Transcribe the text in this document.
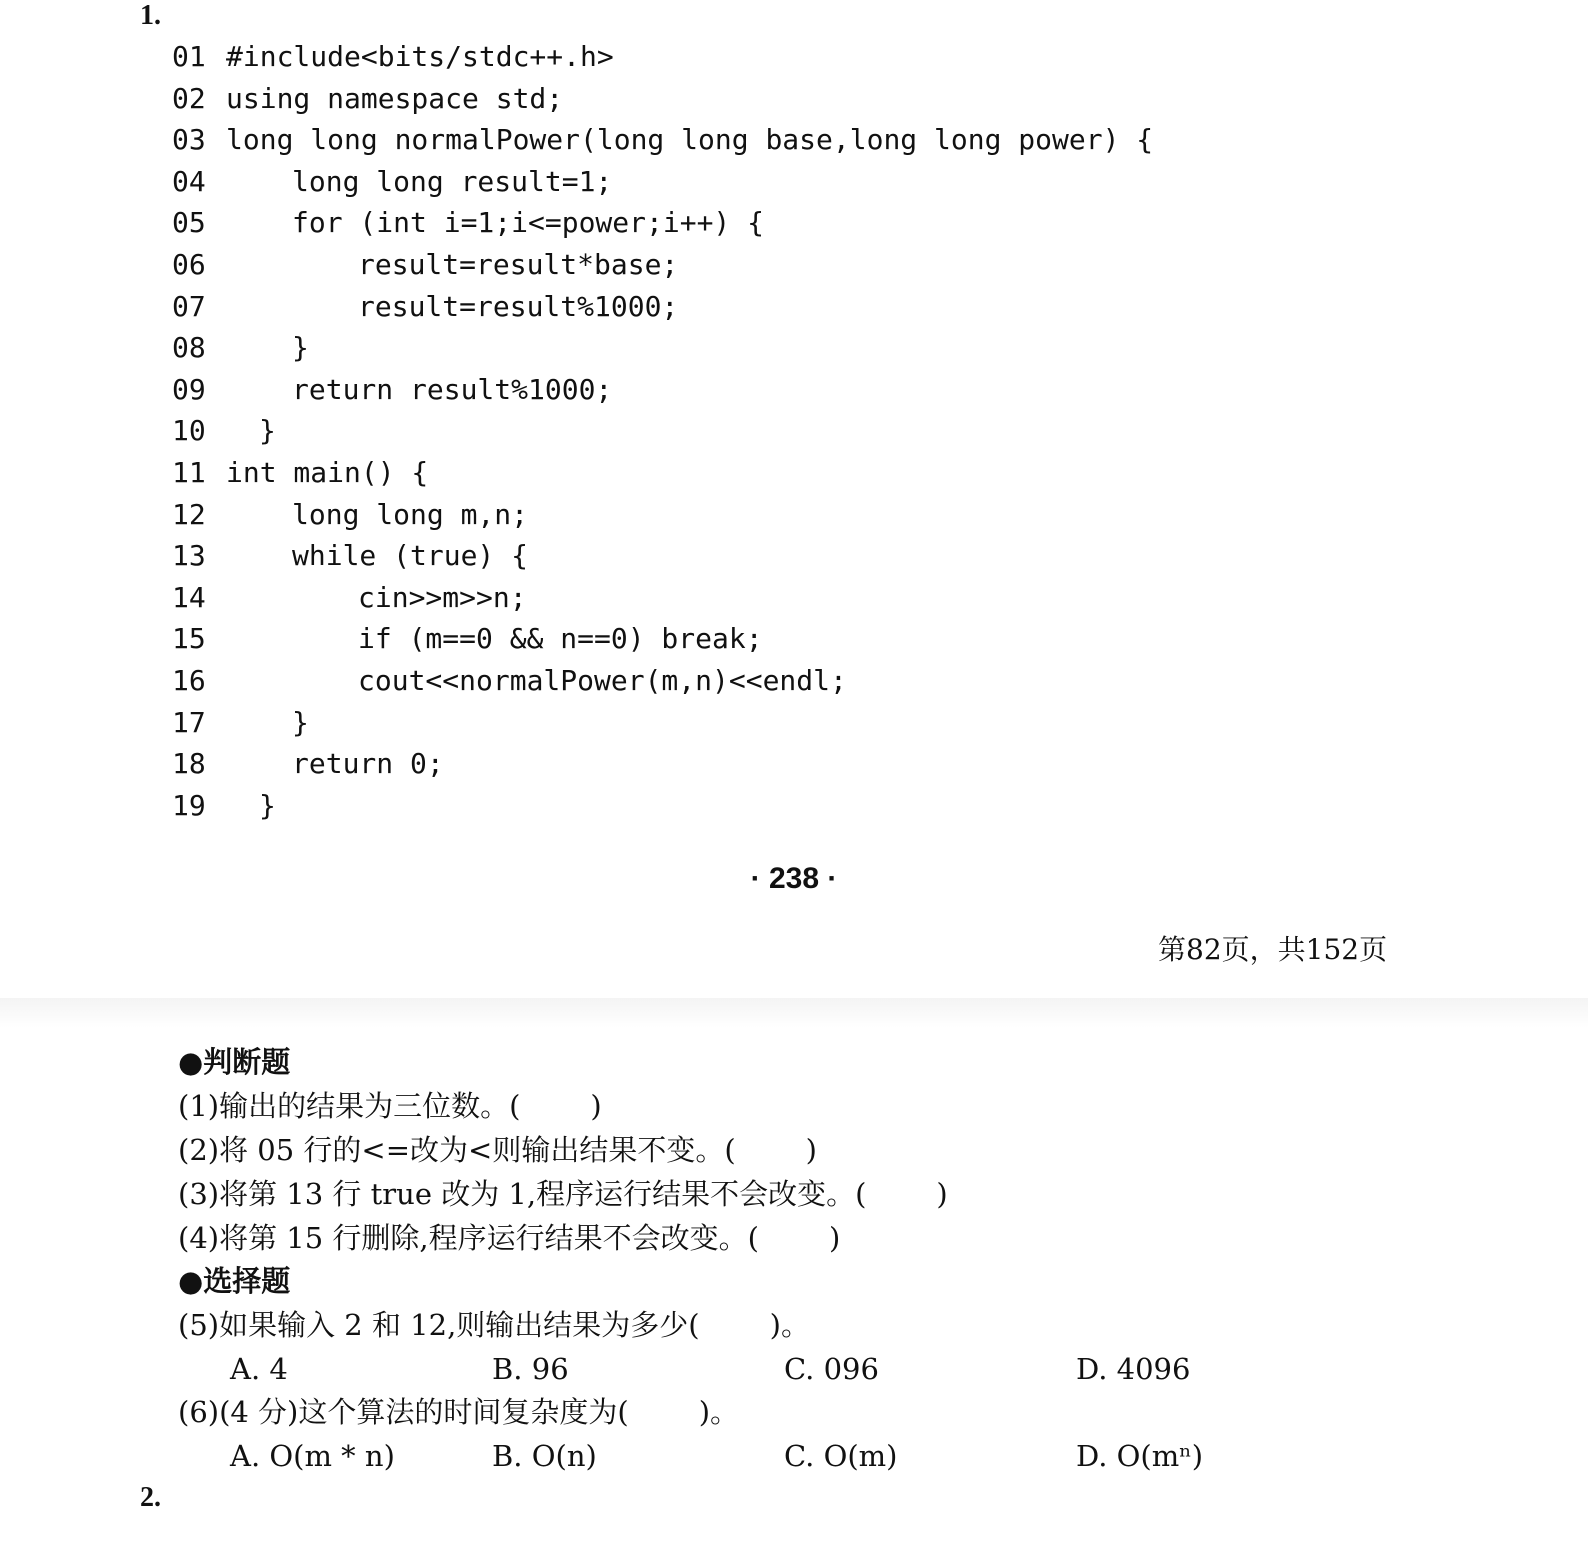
1.
01 #include<bits/stdc++.h>
02 using namespace std;
03 long long normalPower(long long base,long long power) {
04	long long result=1;
05	for (int i=1;i<=power;i++) {
06	result=result*base;
07	result=result%1000;
08	}
09	return result%1000;
10 }
11 int main() {
12	long long m,n;
13	while (true) {
14	cin>>m>>n;
15	if (m==0 && n==0) break;
16	cout<<normalPower(m,n)<<endl;
17	}
18	return 0;
19 }
· 238 ·
第82页，共152页
●判断题
(1)输出的结果为三位数。( )
(2)将 05 行的<=改为<则输出结果不变。( )
(3)将第 13 行 true 改为 1,程序运行结果不会改变。( )
(4)将第 15 行删除,程序运行结果不会改变。( )
●选择题
(5)如果输入 2 和 12,则输出结果为多少( )。
A. 4	B. 96	C. 096	D. 4096
(6)(4 分)这个算法的时间复杂度为( )。
A. O(m * n)	B. O(n)	C. O(m)	D. O(mⁿ)
2.
